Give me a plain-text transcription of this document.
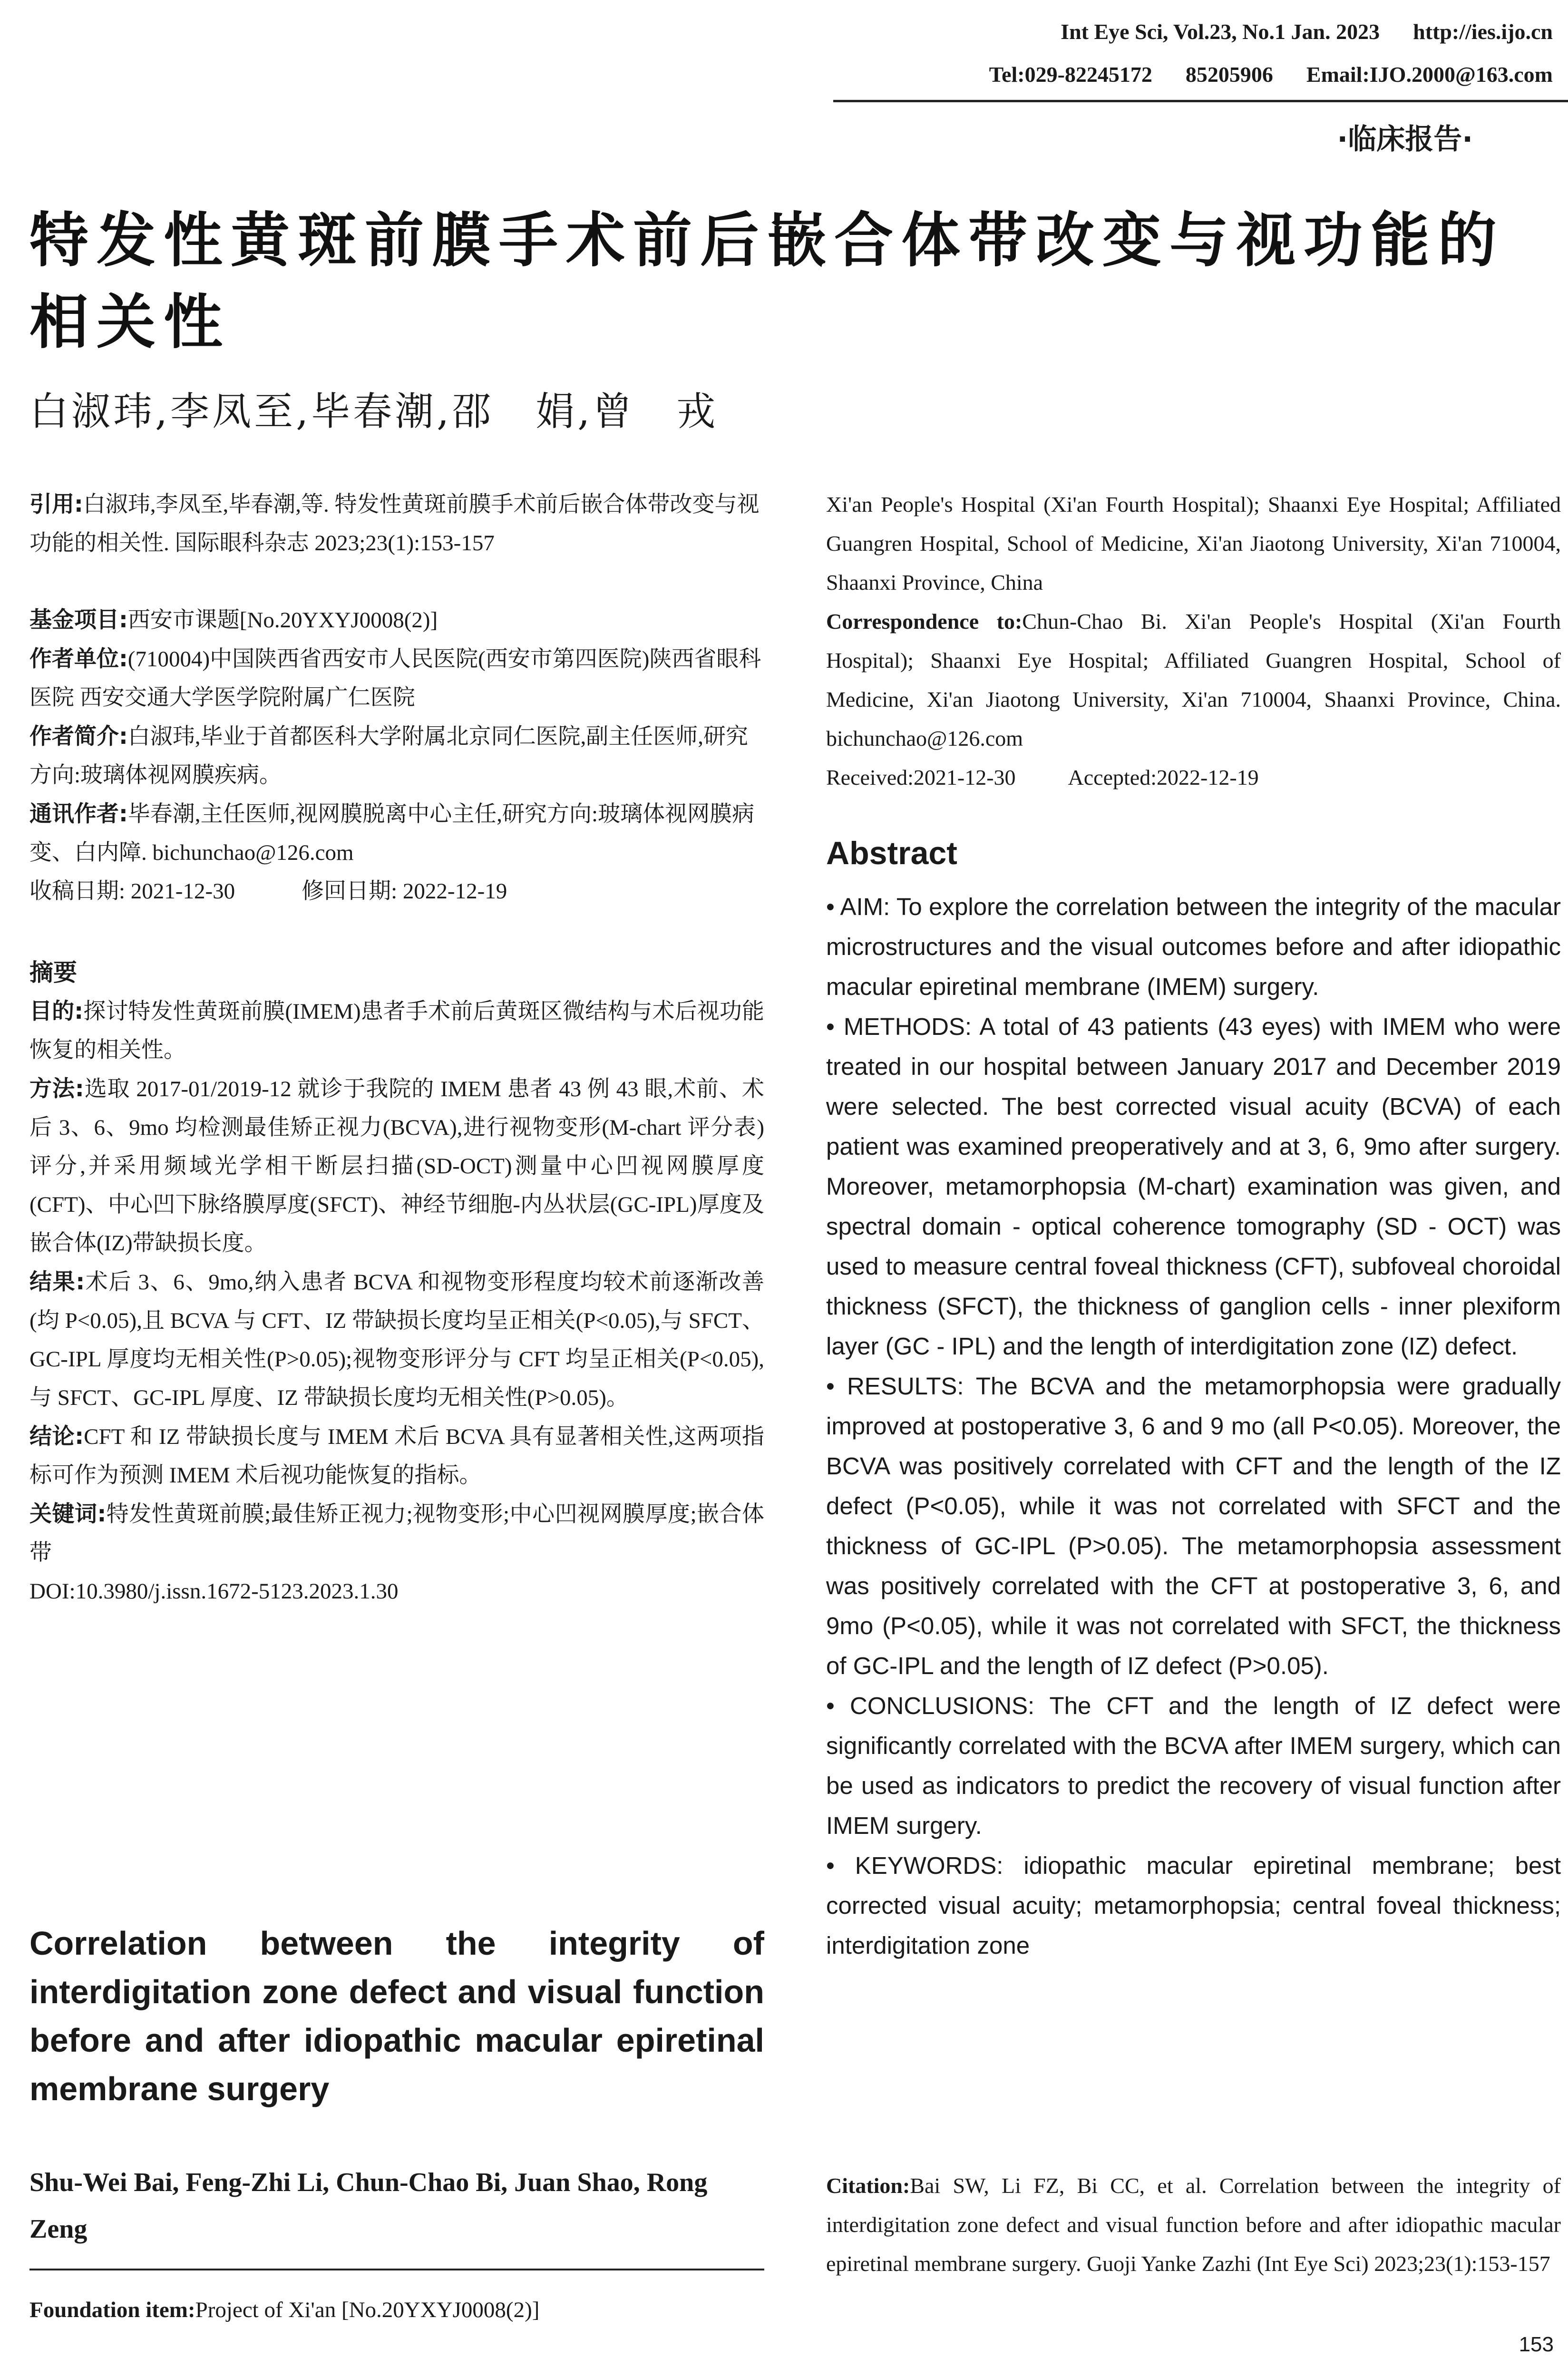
Int Eye Sci, Vol.23, No.1 Jan. 2023 http://ies.ijo.cn
Tel:029-82245172 85205906 Email:IJO.2000@163.com
·临床报告·
特发性黄斑前膜手术前后嵌合体带改变与视功能的相关性
白淑玮,李凤至,毕春潮,邵　娟,曾　戎

引用:白淑玮,李凤至,毕春潮,等. 特发性黄斑前膜手术前后嵌合体带改变与视功能的相关性. 国际眼科杂志 2023;23(1):153-157

基金项目:西安市课题[No.20YXYJ0008(2)]

作者单位:(710004)中国陕西省西安市人民医院(西安市第四医院)陕西省眼科医院 西安交通大学医学院附属广仁医院

作者简介:白淑玮,毕业于首都医科大学附属北京同仁医院,副主任医师,研究方向:玻璃体视网膜疾病。

通讯作者:毕春潮,主任医师,视网膜脱离中心主任,研究方向:玻璃体视网膜病变、白内障. bichunchao@126.com

收稿日期: 2021-12-30	修回日期: 2022-12-19

摘要

目的:探讨特发性黄斑前膜(IMEM)患者手术前后黄斑区微结构与术后视功能恢复的相关性。

方法:选取 2017-01/2019-12 就诊于我院的 IMEM 患者 43 例 43 眼,术前、术后 3、6、9mo 均检测最佳矫正视力(BCVA),进行视物变形(M-chart 评分表)评分,并采用频域光学相干断层扫描(SD-OCT)测量中心凹视网膜厚度(CFT)、中心凹下脉络膜厚度(SFCT)、神经节细胞-内丛状层(GC-IPL)厚度及嵌合体(IZ)带缺损长度。

结果:术后 3、6、9mo,纳入患者 BCVA 和视物变形程度均较术前逐渐改善(均 P<0.05),且 BCVA 与 CFT、IZ 带缺损长度均呈正相关(P<0.05),与 SFCT、GC-IPL 厚度均无相关性(P>0.05);视物变形评分与 CFT 均呈正相关(P<0.05),与 SFCT、GC-IPL 厚度、IZ 带缺损长度均无相关性(P>0.05)。

结论:CFT 和 IZ 带缺损长度与 IMEM 术后 BCVA 具有显著相关性,这两项指标可作为预测 IMEM 术后视功能恢复的指标。

关键词:特发性黄斑前膜;最佳矫正视力;视物变形;中心凹视网膜厚度;嵌合体带

DOI:10.3980/j.issn.1672-5123.2023.1.30

Correlation between the integrity of interdigitation zone defect and visual function before and after idiopathic macular epiretinal membrane surgery
Shu-Wei Bai, Feng-Zhi Li, Chun-Chao Bi, Juan Shao, Rong Zeng
Foundation item:Project of Xi'an [No.20YXYJ0008(2)]

Xi'an People's Hospital (Xi'an Fourth Hospital); Shaanxi Eye Hospital; Affiliated Guangren Hospital, School of Medicine, Xi'an Jiaotong University, Xi'an 710004, Shaanxi Province, China

Correspondence to:Chun-Chao Bi. Xi'an People's Hospital (Xi'an Fourth Hospital); Shaanxi Eye Hospital; Affiliated Guangren Hospital, School of Medicine, Xi'an Jiaotong University, Xi'an 710004, Shaanxi Province, China. bichunchao@126.com

Received:2021-12-30 Accepted:2022-12-19

Abstract

• AIM: To explore the correlation between the integrity of the macular microstructures and the visual outcomes before and after idiopathic macular epiretinal membrane (IMEM) surgery.

• METHODS: A total of 43 patients (43 eyes) with IMEM who were treated in our hospital between January 2017 and December 2019 were selected. The best corrected visual acuity (BCVA) of each patient was examined preoperatively and at 3, 6, 9mo after surgery. Moreover, metamorphopsia (M-chart) examination was given, and spectral domain - optical coherence tomography (SD - OCT) was used to measure central foveal thickness (CFT), subfoveal choroidal thickness (SFCT), the thickness of ganglion cells - inner plexiform layer (GC - IPL) and the length of interdigitation zone (IZ) defect.

• RESULTS: The BCVA and the metamorphopsia were gradually improved at postoperative 3, 6 and 9 mo (all P<0.05). Moreover, the BCVA was positively correlated with CFT and the length of the IZ defect (P<0.05), while it was not correlated with SFCT and the thickness of GC-IPL (P>0.05). The metamorphopsia assessment was positively correlated with the CFT at postoperative 3, 6, and 9mo (P<0.05), while it was not correlated with SFCT, the thickness of GC-IPL and the length of IZ defect (P>0.05).

• CONCLUSIONS: The CFT and the length of IZ defect were significantly correlated with the BCVA after IMEM surgery, which can be used as indicators to predict the recovery of visual function after IMEM surgery.

• KEYWORDS: idiopathic macular epiretinal membrane; best corrected visual acuity; metamorphopsia; central foveal thickness; interdigitation zone

Citation:Bai SW, Li FZ, Bi CC, et al. Correlation between the integrity of interdigitation zone defect and visual function before and after idiopathic macular epiretinal membrane surgery. Guoji Yanke Zazhi (Int Eye Sci) 2023;23(1):153-157
153
